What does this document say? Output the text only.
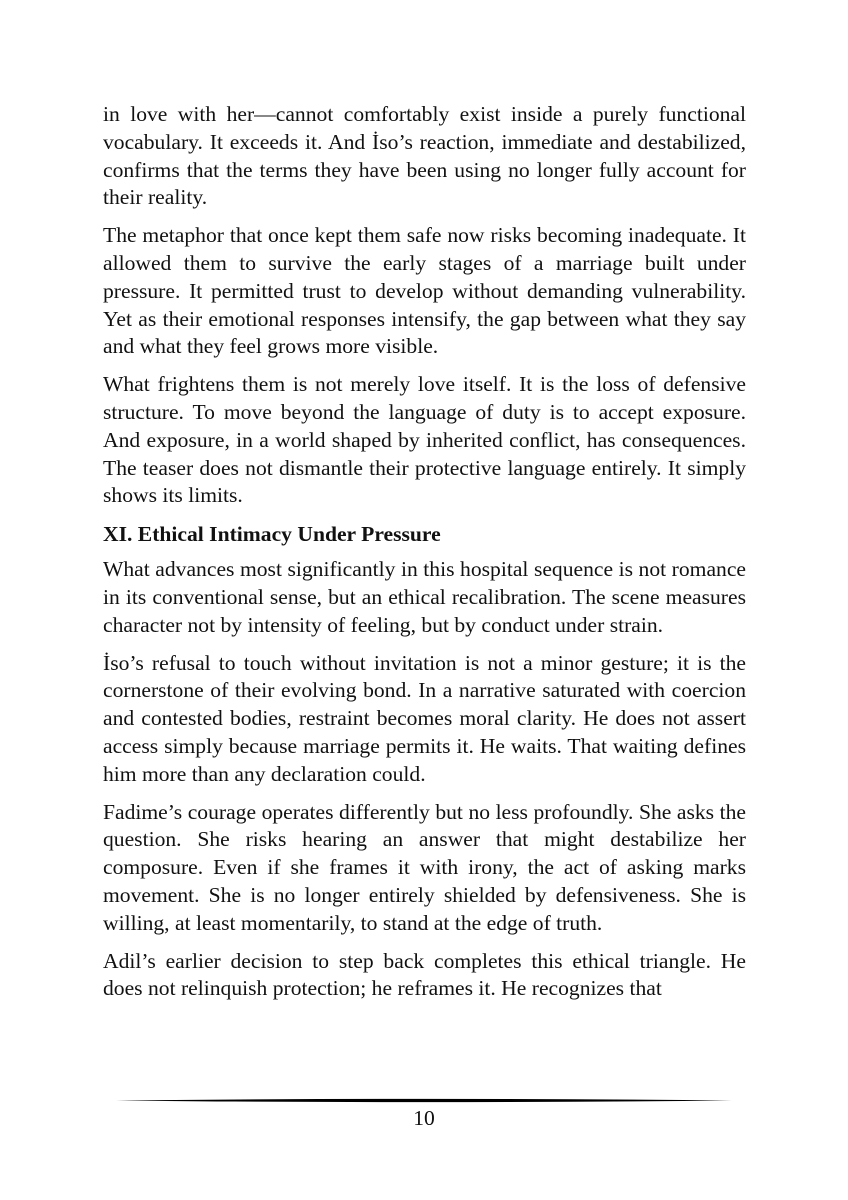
in love with her—cannot comfortably exist inside a purely functional vocabulary. It exceeds it. And İso’s reaction, immediate and destabilized, confirms that the terms they have been using no longer fully account for their reality.

The metaphor that once kept them safe now risks becoming inadequate. It allowed them to survive the early stages of a marriage built under pressure. It permitted trust to develop without demanding vulnerability. Yet as their emotional responses intensify, the gap between what they say and what they feel grows more visible.

What frightens them is not merely love itself. It is the loss of defensive structure. To move beyond the language of duty is to accept exposure. And exposure, in a world shaped by inherited conflict, has consequences. The teaser does not dismantle their protective language entirely. It simply shows its limits.

XI. Ethical Intimacy Under Pressure

What advances most significantly in this hospital sequence is not romance in its conventional sense, but an ethical recalibration. The scene measures character not by intensity of feeling, but by conduct under strain.

İso’s refusal to touch without invitation is not a minor gesture; it is the cornerstone of their evolving bond. In a narrative saturated with coercion and contested bodies, restraint becomes moral clarity. He does not assert access simply because marriage permits it. He waits. That waiting defines him more than any declaration could.

Fadime’s courage operates differently but no less profoundly. She asks the question. She risks hearing an answer that might destabilize her composure. Even if she frames it with irony, the act of asking marks movement. She is no longer entirely shielded by defensiveness. She is willing, at least momentarily, to stand at the edge of truth.

Adil’s earlier decision to step back completes this ethical triangle. He does not relinquish protection; he reframes it. He recognizes that

10
